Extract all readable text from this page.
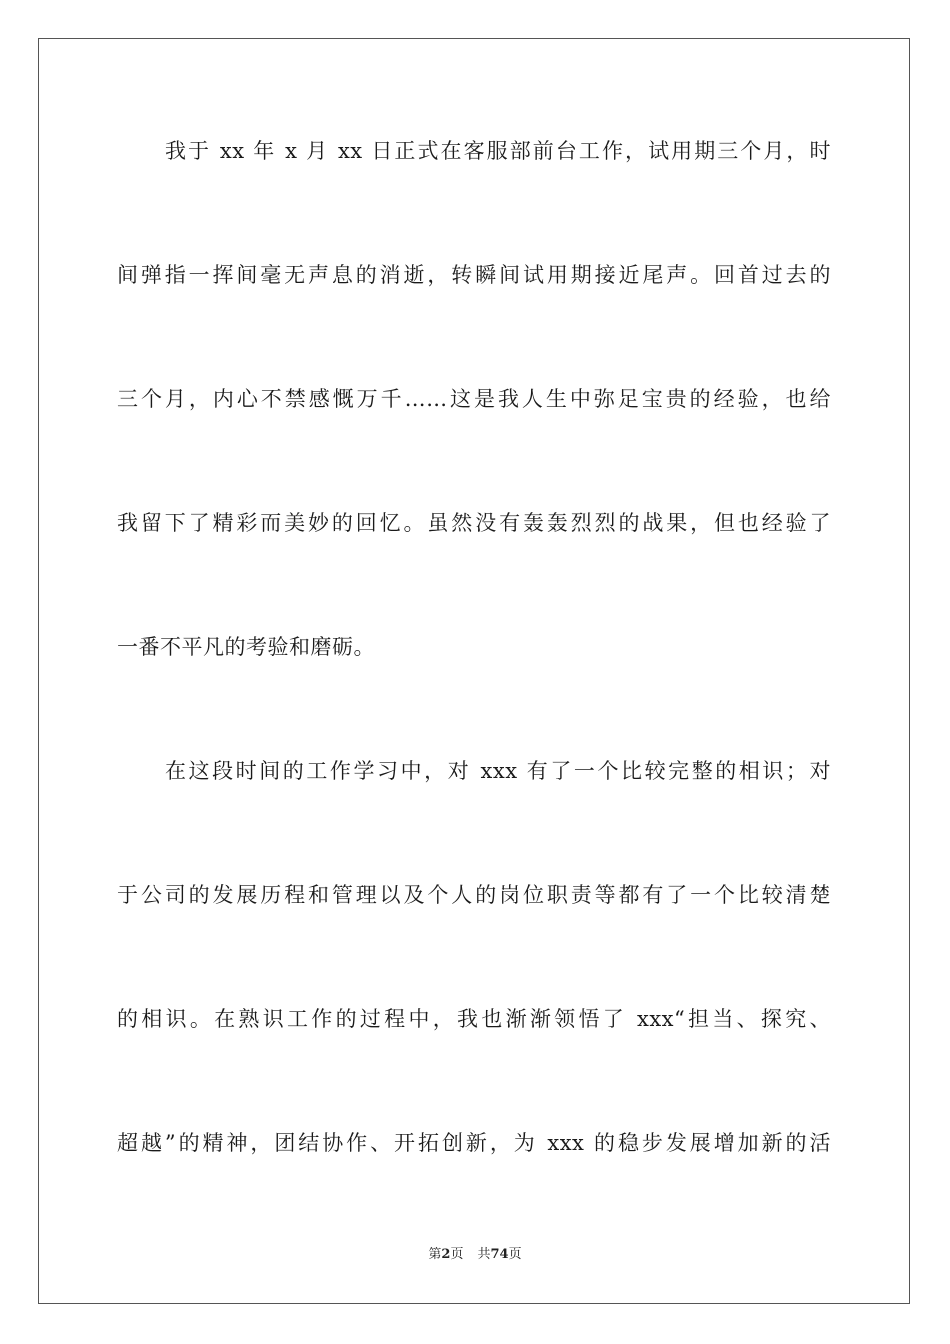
我于 xx 年 x 月 xx 日正式在客服部前台工作，试用期三个月，时
间弹指一挥间毫无声息的消逝，转瞬间试用期接近尾声。回首过去的
三个月，内心不禁感慨万千……这是我人生中弥足宝贵的经验，也给
我留下了精彩而美妙的回忆。虽然没有轰轰烈烈的战果，但也经验了
一番不平凡的考验和磨砺。
在这段时间的工作学习中，对 xxx 有了一个比较完整的相识；对
于公司的发展历程和管理以及个人的岗位职责等都有了一个比较清楚
的相识。在熟识工作的过程中，我也渐渐领悟了 xxx“担当、探究、
超越”的精神，团结协作、开拓创新，为 xxx 的稳步发展增加新的活
第2页 共74页
